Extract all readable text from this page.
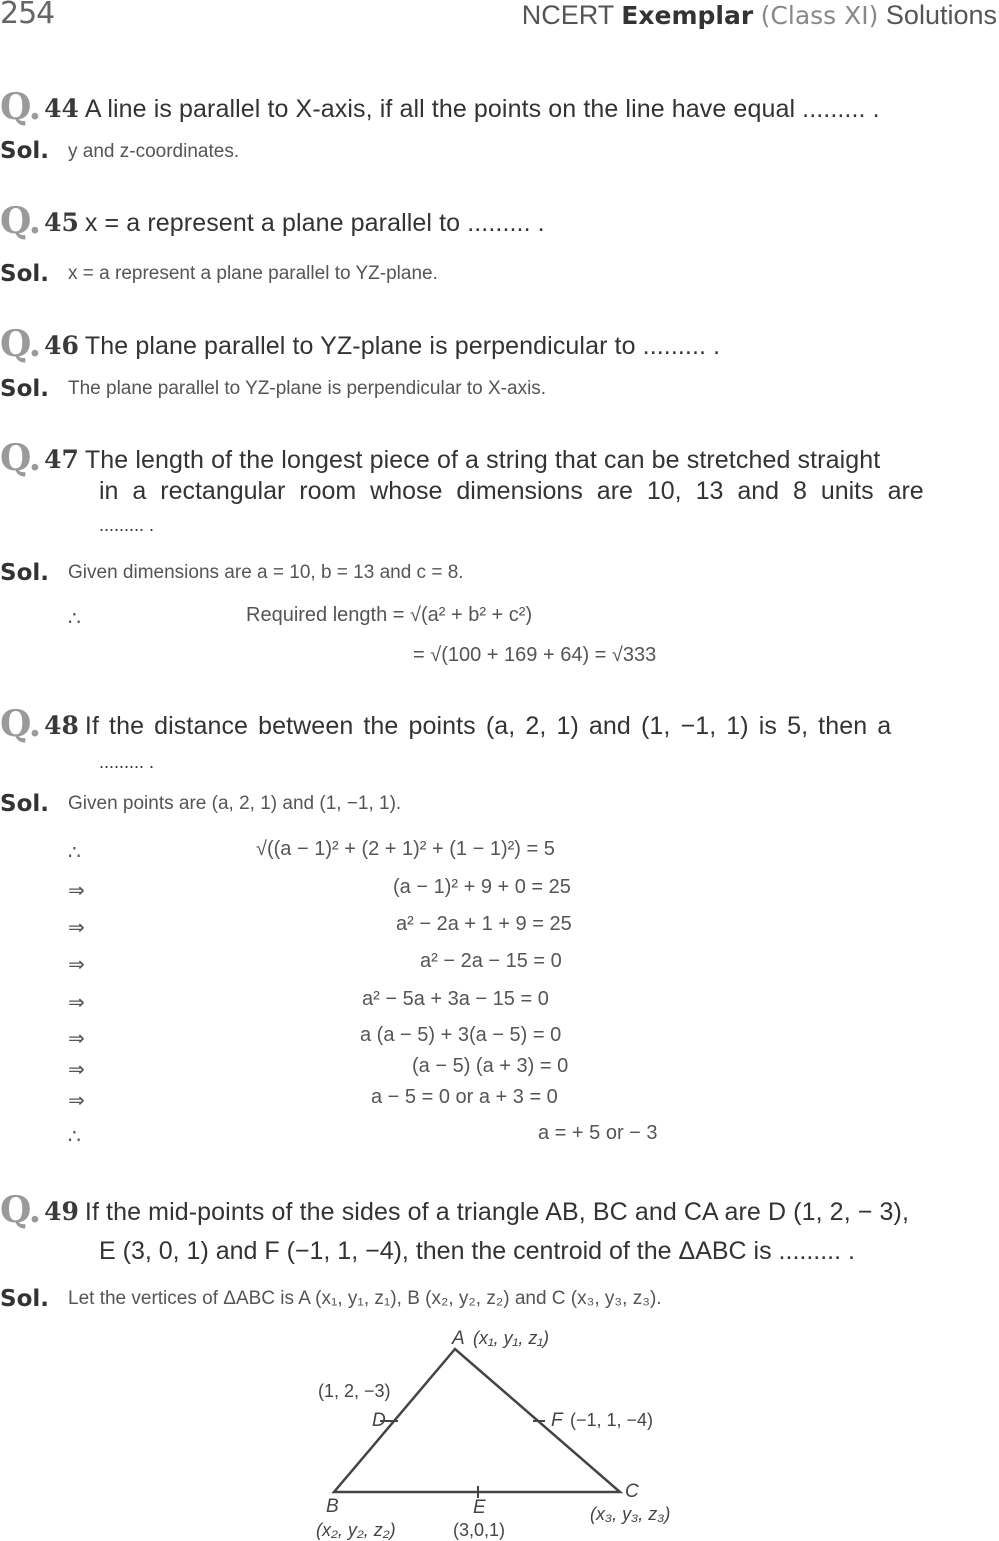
254	NCERT Exemplar (Class XI) Solutions
Q. 44 A line is parallel to X-axis, if all the points on the line have equal ......... .
Sol. y and z-coordinates.
Q. 45 x = a represent a plane parallel to ......... .
Sol. x = a represent a plane parallel to YZ-plane.
Q. 46 The plane parallel to YZ-plane is perpendicular to ......... .
Sol. The plane parallel to YZ-plane is perpendicular to X-axis.
Q. 47 The length of the longest piece of a string that can be stretched straight
in a rectangular room whose dimensions are 10, 13 and 8 units are
......... .
Sol. Given dimensions are a = 10, b = 13 and c = 8.
∴	Required length = √(a² + b² + c²)
= √(100 + 169 + 64) = √333
Q. 48 If the distance between the points (a, 2, 1) and (1, −1, 1) is 5, then a
......... .
Sol. Given points are (a, 2, 1) and (1, −1, 1).
∴	√((a − 1)² + (2 + 1)² + (1 − 1)²) = 5
⇒	(a − 1)² + 9 + 0 = 25
⇒	a² − 2a + 1 + 9 = 25
⇒	a² − 2a − 15 = 0
⇒	a² − 5a + 3a − 15 = 0
⇒	a (a − 5) + 3(a − 5) = 0
⇒	(a − 5) (a + 3) = 0
⇒	a − 5 = 0 or a + 3 = 0
∴	a = + 5 or − 3
Q. 49 If the mid-points of the sides of a triangle AB, BC and CA are D (1, 2, − 3),
E (3, 0, 1) and F (−1, 1, −4), then the centroid of the ΔABC is ......... .
Sol. Let the vertices of ΔABC is A (x₁, y₁, z₁), B (x₂, y₂, z₂) and C (x₃, y₃, z₃).
A (x₁, y₁, z₁)
(1, 2, −3)
D	F (−1, 1, −4)
B
(x₂, y₂, z₂)
E
(3,0,1)
C
(x₃, y₃, z₃)
